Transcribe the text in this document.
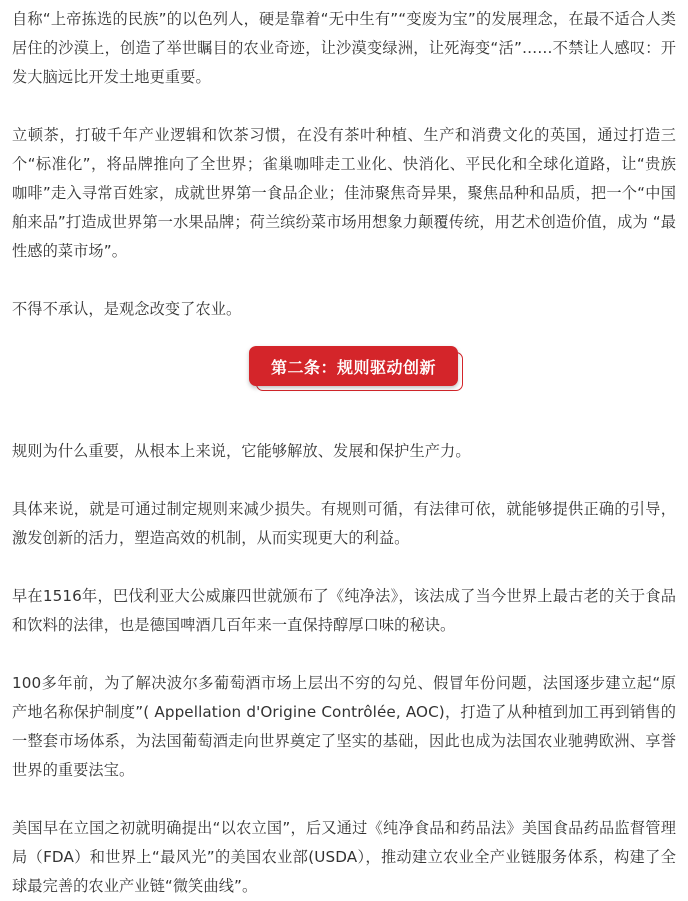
自称“上帝拣选的民族”的以色列人，硬是靠着“无中生有”“变废为宝”的发展理念，在最不适合人类居住的沙漠上，创造了举世瞩目的农业奇迹，让沙漠变绿洲，让死海变“活”……不禁让人感叹：开发大脑远比开发土地更重要。

立顿茶，打破千年产业逻辑和饮茶习惯，在没有茶叶种植、生产和消费文化的英国，通过打造三个“标准化”，将品牌推向了全世界；雀巢咖啡走工业化、快消化、平民化和全球化道路，让“贵族咖啡”走入寻常百姓家，成就世界第一食品企业；佳沛聚焦奇异果，聚焦品种和品质，把一个“中国舶来品”打造成世界第一水果品牌；荷兰缤纷菜市场用想象力颠覆传统，用艺术创造价值，成为 “最性感的菜市场”。

不得不承认，是观念改变了农业。

第二条：规则驱动创新

规则为什么重要，从根本上来说，它能够解放、发展和保护生产力。

具体来说，就是可通过制定规则来减少损失。有规则可循，有法律可依，就能够提供正确的引导，激发创新的活力，塑造高效的机制，从而实现更大的利益。

早在1516年，巴伐利亚大公威廉四世就颁布了《纯净法》，该法成了当今世界上最古老的关于食品和饮料的法律，也是德国啤酒几百年来一直保持醇厚口味的秘诀。

100多年前，为了解决波尔多葡萄酒市场上层出不穷的勾兑、假冒年份问题，法国逐步建立起“原产地名称保护制度”( Appellation d'Origine Contrôlée, AOC)，打造了从种植到加工再到销售的一整套市场体系，为法国葡萄酒走向世界奠定了坚实的基础，因此也成为法国农业驰骋欧洲、享誉世界的重要法宝。

美国早在立国之初就明确提出“以农立国”，后又通过《纯净食品和药品法》美国食品药品监督管理局（FDA）和世界上“最风光”的美国农业部(USDA），推动建立农业全产业链服务体系，构建了全球最完善的农业产业链“微笑曲线”。
